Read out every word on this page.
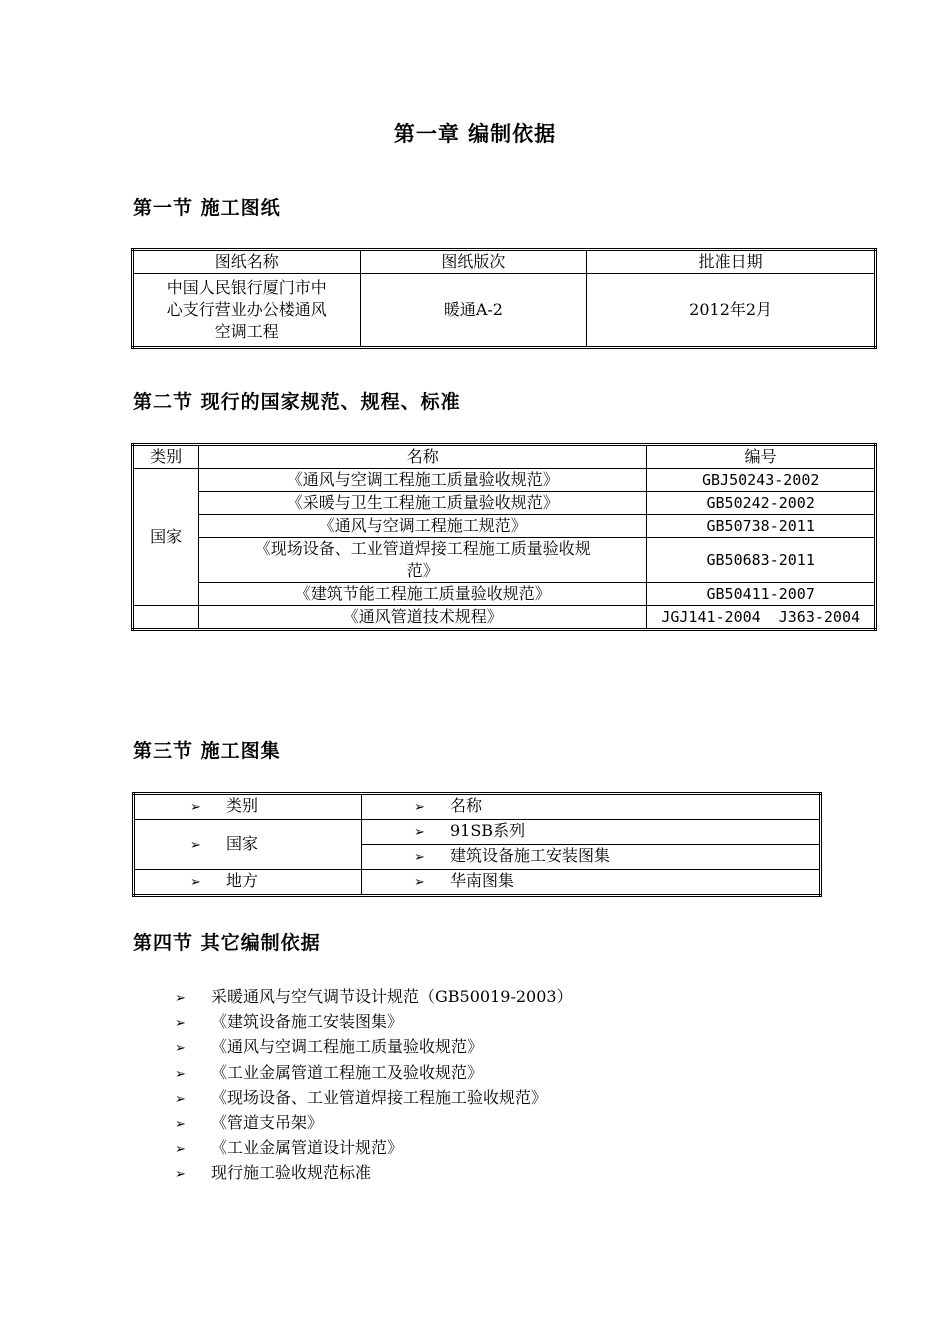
第一章 编制依据
第一节 施工图纸
图纸名称	图纸版次	批准日期

中国人民银行厦门市中
心支行营业办公楼通风
空调工程	暖通A-2	2012年2月
第二节 现行的国家规范、规程、标准
类别	名称	编号
国家	《通风与空调工程施工质量验收规范》	GBJ50243-2002
	《采暖与卫生工程施工质量验收规范》	GB50242-2002
	《通风与空调工程施工规范》	GB50738-2011

	《现场设备、工业管道焊接工程施工质量验收规
范》	GB50683-2011
	《建筑节能工程施工质量验收规范》	GB50411-2007
	《通风管道技术规程》	JGJ141-2004  J363-2004
第三节 施工图集
➢ 类别	➢ 名称
➢ 国家	➢ 91SB系列
	➢ 建筑设备施工安装图集
➢ 地方	➢ 华南图集
第四节 其它编制依据
➢ 采暖通风与空气调节设计规范（GB50019-2003）
➢ 《建筑设备施工安装图集》
➢ 《通风与空调工程施工质量验收规范》
➢ 《工业金属管道工程施工及验收规范》
➢ 《现场设备、工业管道焊接工程施工验收规范》
➢ 《管道支吊架》
➢ 《工业金属管道设计规范》
➢ 现行施工验收规范标准
